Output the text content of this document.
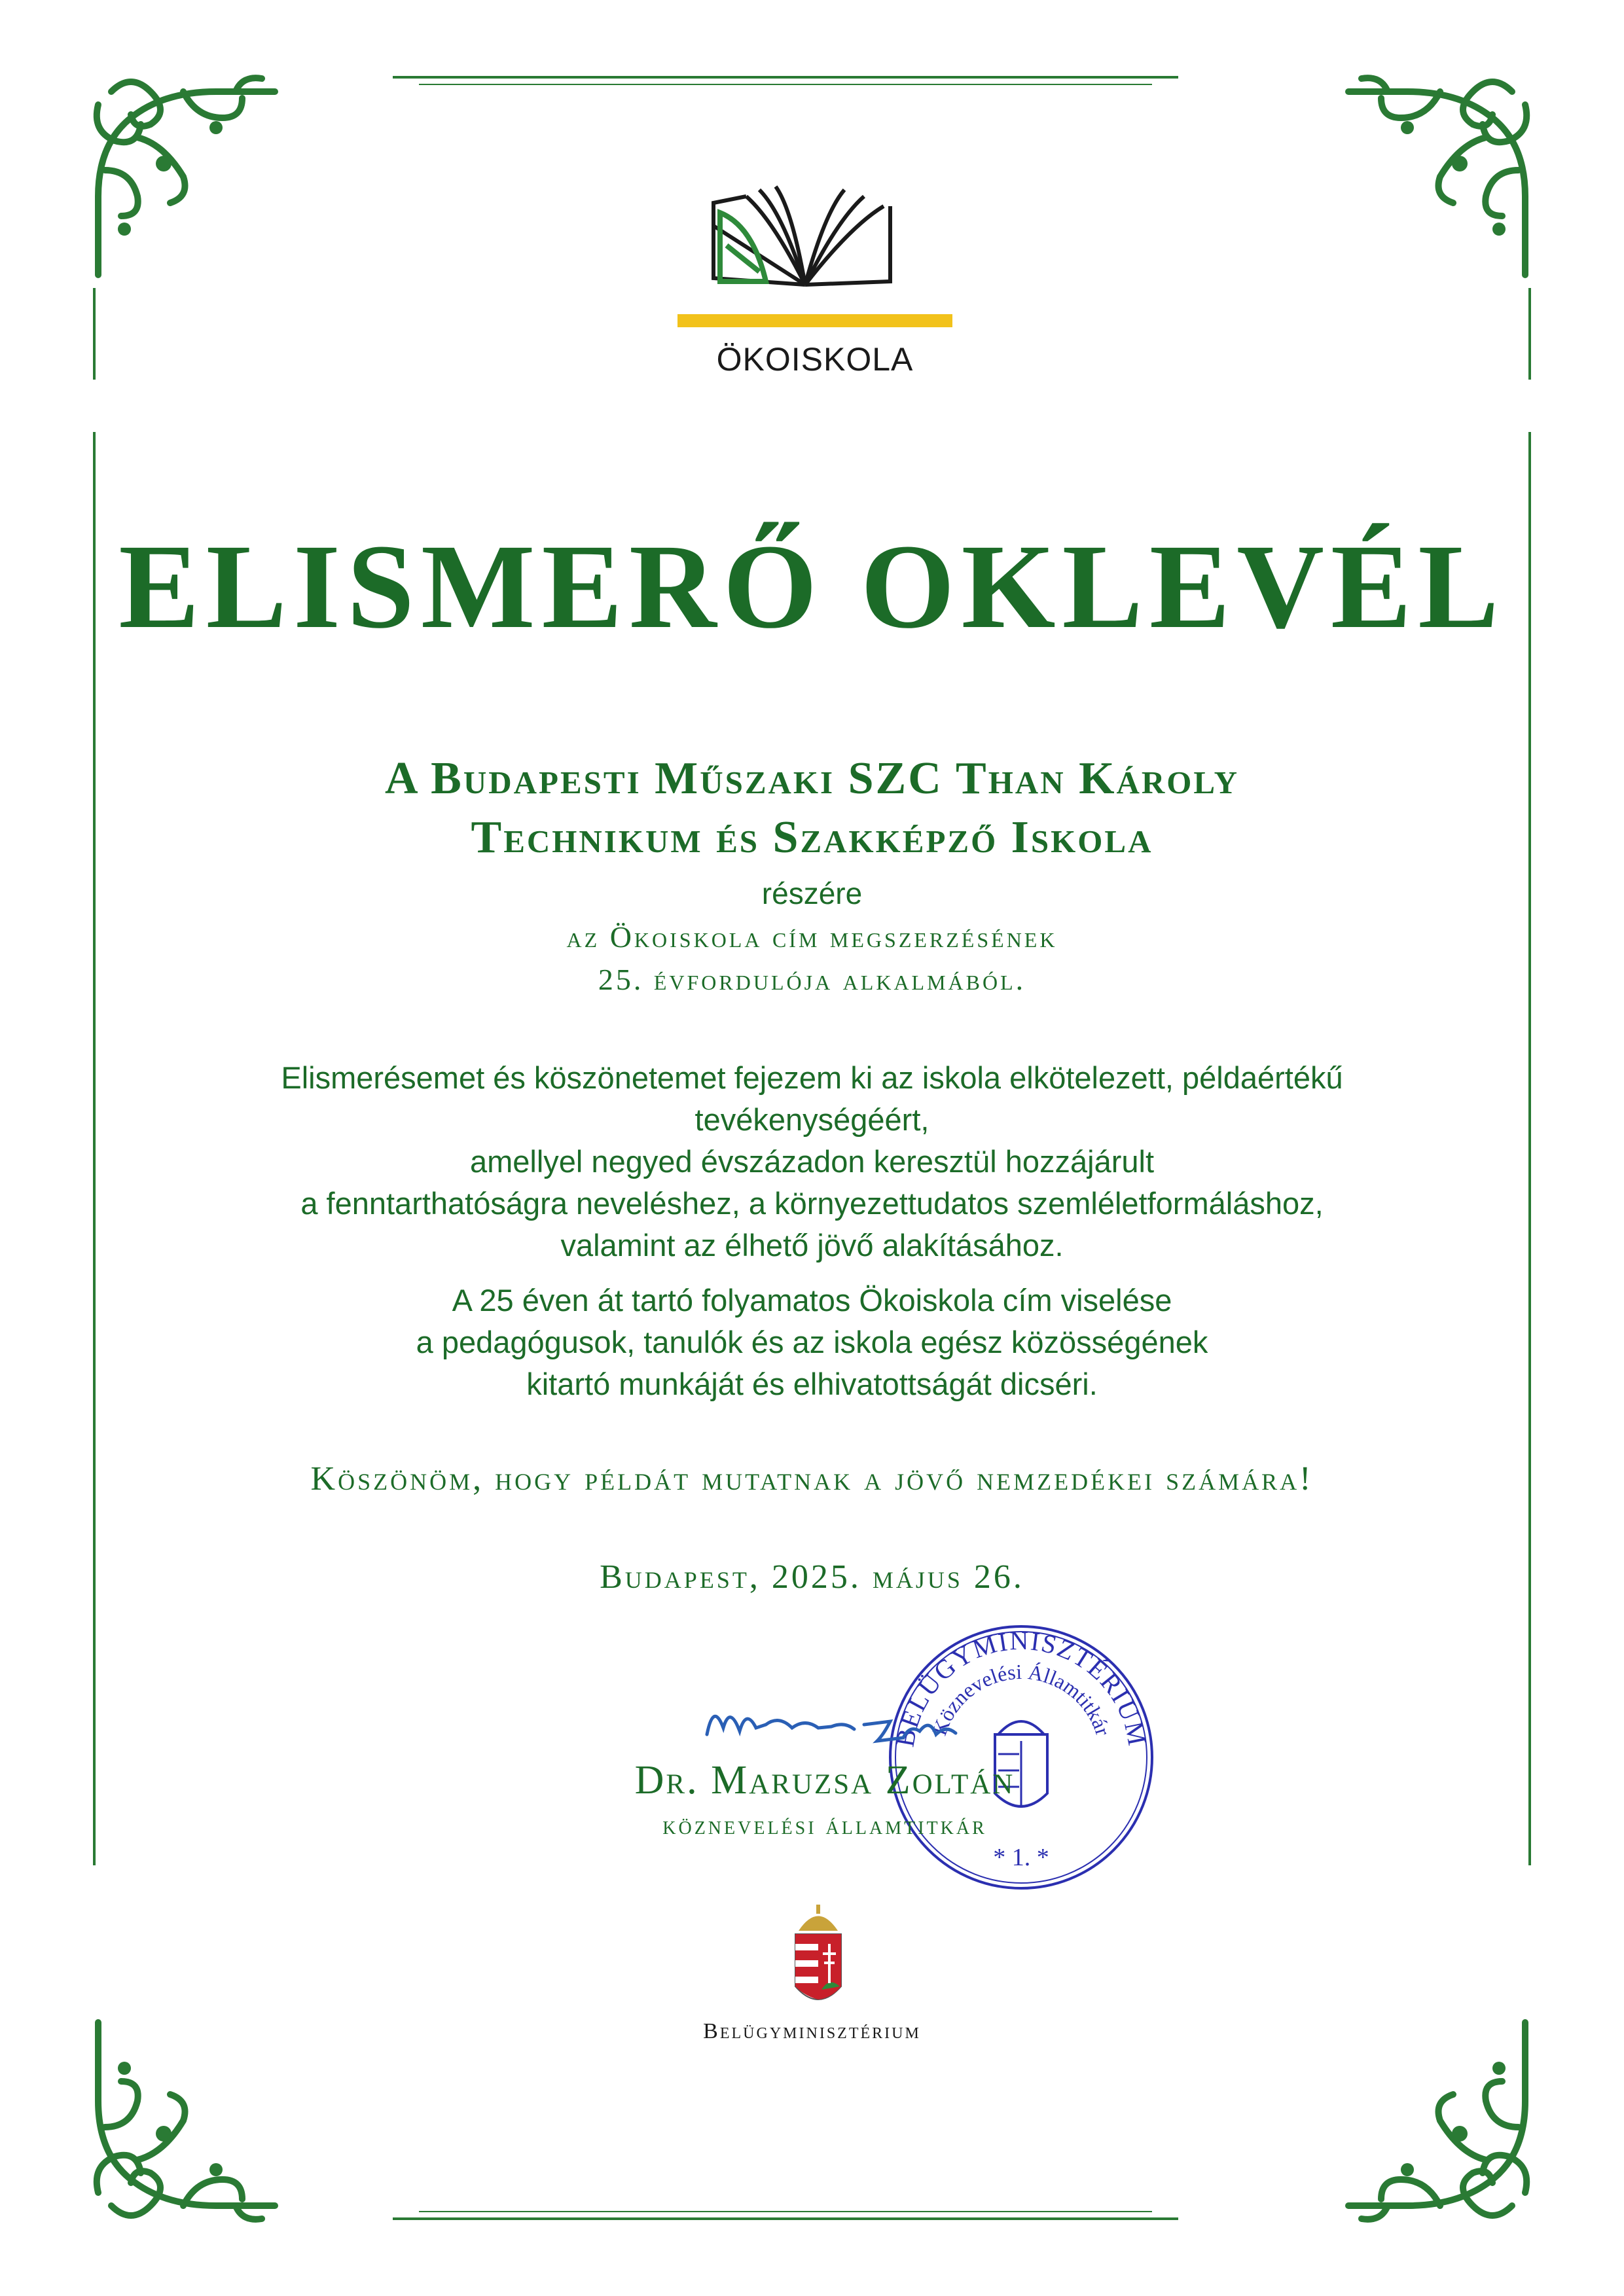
ÖKOISKOLA
ELISMERŐ OKLEVÉL
A Budapesti Műszaki SZC Than Károly
Technikum és Szakképző Iskola
részére
az Ökoiskola cím megszerzésének
25. évfordulója alkalmából.
Elismerésemet és köszönetemet fejezem ki az iskola elkötelezett, példaértékű
tevékenységéért,
amellyel negyed évszázadon keresztül hozzájárult
a fenntarthatóságra neveléshez, a környezettudatos szemléletformáláshoz,
valamint az élhető jövő alakításához.
A 25 éven át tartó folyamatos Ökoiskola cím viselése
a pedagógusok, tanulók és az iskola egész közösségének
kitartó munkáját és elhivatottságát dicséri.
Köszönöm, hogy példát mutatnak a jövő nemzedékei számára!
Budapest, 2025. május 26.
BELÜGYMINISZTÉRIUM
Köznevelési Államtitkár
* 1. *
Dr. Maruzsa Zoltán
köznevelési államtitkár
Belügyminisztérium
